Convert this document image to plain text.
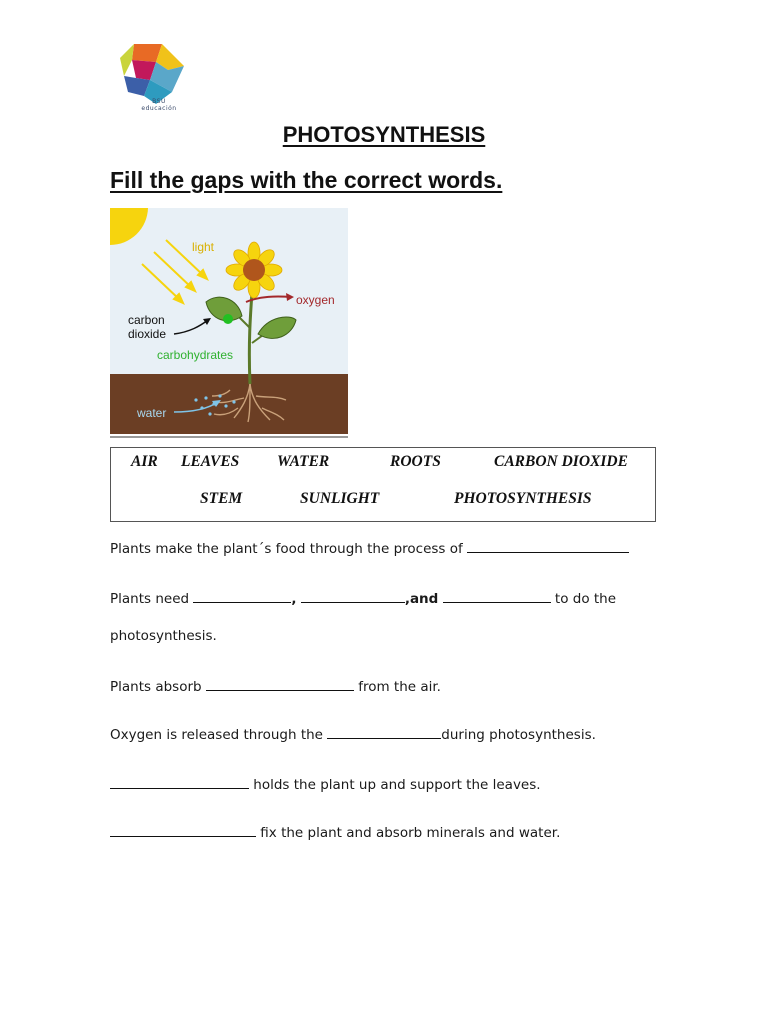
BSU
educación
PHOTOSYNTHESIS
Fill the gaps with the correct words.
light
oxygen
carbon
dioxide
carbohydrates
water
AIR LEAVES WATER	ROOTS	CARBON DIOXIDE
STEM	SUNLIGHT	PHOTOSYNTHESIS
Plants make the plant´s food through the process of
Plants need	,	,and	to do the
photosynthesis.
Plants absorb	from the air.
Oxygen is released through the	during photosynthesis.
holds the plant up and support the leaves.
fix the plant and absorb minerals and water.
